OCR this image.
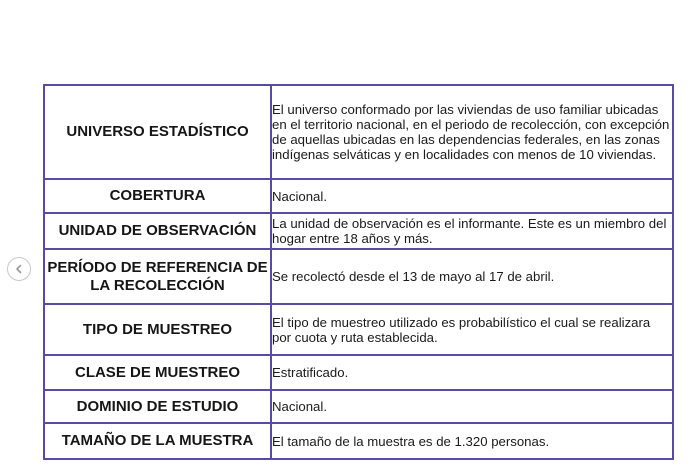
UNIVERSO ESTADÍSTICO	El universo conformado por las viviendas de uso familiar ubicadas en el territorio nacional, en el periodo de recolección, con excepción de aquellas ubicadas en las dependencias federales, en las zonas indígenas selváticas y en localidades con menos de 10 viviendas.
COBERTURA	Nacional.
UNIDAD DE OBSERVACIÓN	La unidad de observación es el informante. Este es un miembro del hogar entre 18 años y más.
PERÍODO DE REFERENCIA DE LA RECOLECCIÓN	Se recolectó desde el 13 de mayo al 17 de abril.
TIPO DE MUESTREO	El tipo de muestreo utilizado es probabilístico el cual se realizara por cuota y ruta establecida.
CLASE DE MUESTREO	Estratificado.
DOMINIO DE ESTUDIO	Nacional.
TAMAÑO DE LA MUESTRA	El tamaño de la muestra es de 1.320 personas.
